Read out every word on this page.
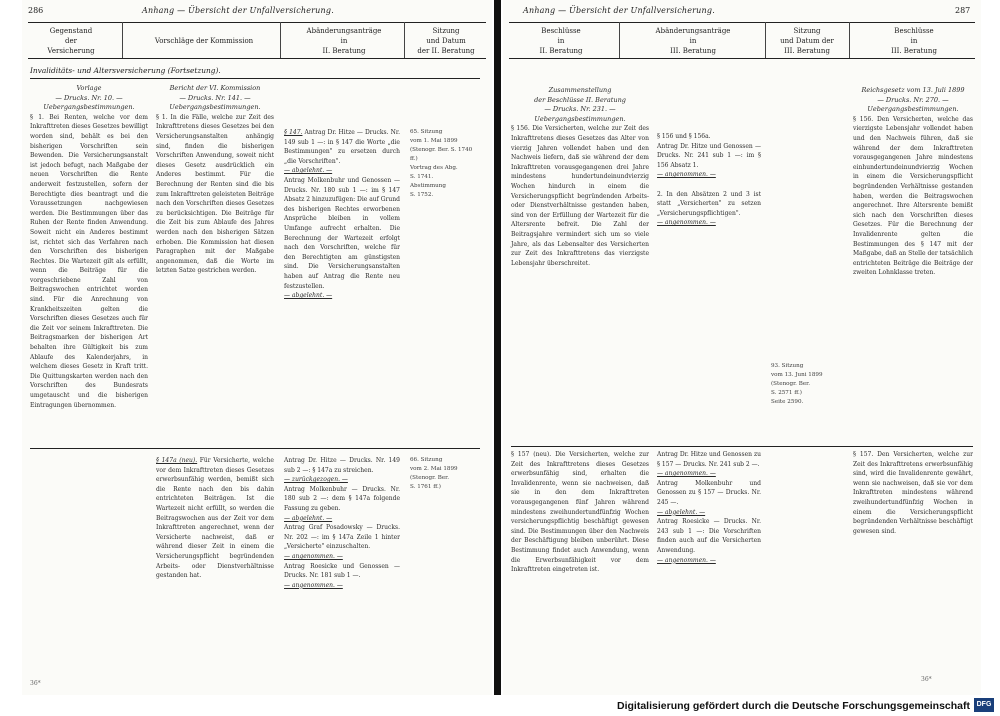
286	Anhang — Übersicht der Unfallversicherung.
Gegenstand
der
Versicherung

Vorschläge der Kommission
Abänderungsanträge
in
II. Beratung
Sitzung
und Datum
der II. Beratung
Invaliditäts- und Altersversicherung (Fortsetzung).
Vorlage
— Drucks. Nr. 10. —
Uebergangsbestimmungen.
§ 1. Bei Renten, welche vor dem Inkrafttreten dieses Gesetzes bewilligt worden sind, behält es bei den bisherigen Vorschriften sein Bewenden. Die Versicherungsanstalt ist jedoch befugt, nach Maßgabe der neuen Vorschriften die Rente anderweit festzustellen, sofern der Berechtigte dies beantragt und die Voraussetzungen nachgewiesen werden. Die Bestimmungen über das Ruhen der Rente finden Anwendung. Soweit nicht ein Anderes bestimmt ist, richtet sich das Verfahren nach den Vorschriften des bisherigen Rechtes. Die Wartezeit gilt als erfüllt, wenn die Beiträge für die vorgeschriebene Zahl von Beitragswochen entrichtet worden sind. Für die Anrechnung von Krankheitszeiten gelten die Vorschriften dieses Gesetzes auch für die Zeit vor seinem Inkrafttreten. Die Beitragsmarken der bisherigen Art behalten ihre Gültigkeit bis zum Ablaufe des Kalenderjahrs, in welchem dieses Gesetz in Kraft tritt. Die Quittungskarten werden nach den Vorschriften des Bundesrats umgetauscht und die bisherigen Eintragungen übernommen.
Bericht der VI. Kommission
— Drucks. Nr. 141. —
Uebergangsbestimmungen.
§ 1. In die Fälle, welche zur Zeit des Inkrafttretens dieses Gesetzes bei den Versicherungsanstalten anhängig sind, finden die bisherigen Vorschriften Anwendung, soweit nicht dieses Gesetz ausdrücklich ein Anderes bestimmt. Für die Berechnung der Renten sind die bis zum Inkrafttreten geleisteten Beiträge nach den Vorschriften dieses Gesetzes zu berücksichtigen. Die Beiträge für die Zeit bis zum Ablaufe des Jahres werden nach den bisherigen Sätzen erhoben. Die Kommission hat diesen Paragraphen mit der Maßgabe angenommen, daß die Worte im letzten Satze gestrichen werden.
§ 147. Antrag Dr. Hitze — Drucks. Nr. 149 sub 1 —: in § 147 die Worte „die Bestimmungen" zu ersetzen durch „die Vorschriften".
— abgelehnt. —
Antrag Molkenbuhr und Genossen — Drucks. Nr. 180 sub 1 —: im § 147 Absatz 2 hinzuzufügen: Die auf Grund des bisherigen Rechtes erworbenen Ansprüche bleiben in vollem Umfange aufrecht erhalten. Die Berechnung der Wartezeit erfolgt nach den Vorschriften, welche für den Berechtigten am günstigsten sind. Die Versicherungsanstalten haben auf Antrag die Rente neu festzustellen.
— abgelehnt. —
65. Sitzung
vom 1. Mai 1899
(Stenogr. Ber. S. 1740 ff.)
Vortrag des Abg.
S. 1741.
Abstimmung
S. 1752.
§ 147a (neu). Für Versicherte, welche vor dem Inkrafttreten dieses Gesetzes erwerbsunfähig werden, bemißt sich die Rente nach den bis dahin entrichteten Beiträgen. Ist die Wartezeit nicht erfüllt, so werden die Beitragswochen aus der Zeit vor dem Inkrafttreten angerechnet, wenn der Versicherte nachweist, daß er während dieser Zeit in einem die Versicherungspflicht begründenden Arbeits- oder Dienstverhältnisse gestanden hat.
Antrag Dr. Hitze — Drucks. Nr. 149 sub 2 —: § 147a zu streichen.
— zurückgezogen. —
Antrag Molkenbuhr — Drucks. Nr. 180 sub 2 —: dem § 147a folgende Fassung zu geben.
— abgelehnt. —
Antrag Graf Posadowsky — Drucks. Nr. 202 —: im § 147a Zeile 1 hinter „Versicherte" einzuschalten.
— angenommen. —
Antrag Roesicke und Genossen — Drucks. Nr. 181 sub 1 —.
— angenommen. —
66. Sitzung
vom 2. Mai 1899
(Stenogr. Ber.
S. 1761 ff.)
36*
Anhang — Übersicht der Unfallversicherung.	287
Beschlüsse
in
II. Beratung
Abänderungsanträge
in
III. Beratung
Sitzung
und Datum der
III. Beratung
Beschlüsse
in
III. Beratung
Zusammenstellung
der Beschlüsse II. Beratung
— Drucks. Nr. 231. —
Uebergangsbestimmungen.
§ 156. Die Versicherten, welche zur Zeit des Inkrafttretens dieses Gesetzes das Alter von vierzig Jahren vollendet haben und den Nachweis liefern, daß sie während der dem Inkrafttreten vorausgegangenen drei Jahre mindestens hundertundeinundvierzig Wochen hindurch in einem die Versicherungspflicht begründenden Arbeits- oder Dienstverhältnisse gestanden haben, sind von der Erfüllung der Wartezeit für die Altersrente befreit. Die Zahl der Beitragsjahre vermindert sich um so viele Jahre, als das Lebensalter des Versicherten zur Zeit des Inkrafttretens das vierzigste Lebensjahr überschreitet.
§ 156 und § 156a.
Antrag Dr. Hitze und Genossen — Drucks. Nr. 241 sub 1 —: im § 156 Absatz 1.
— angenommen. —

2. In den Absätzen 2 und 3 ist statt „Versicherten" zu setzen „Versicherungspflichtigen".
— angenommen. —
Reichsgesetz vom 13. Juli 1899
— Drucks. Nr. 270. —
Uebergangsbestimmungen.
§ 156. Den Versicherten, welche das vierzigste Lebensjahr vollendet haben und den Nachweis führen, daß sie während der dem Inkrafttreten vorausgegangenen Jahre mindestens einhundertundeinundvierzig Wochen in einem die Versicherungspflicht begründenden Verhältnisse gestanden haben, werden die Beitragswochen angerechnet. Ihre Altersrente bemißt sich nach den Vorschriften dieses Gesetzes. Für die Berechnung der Invalidenrente gelten die Bestimmungen des § 147 mit der Maßgabe, daß an Stelle der tatsächlich entrichteten Beiträge die Beiträge der zweiten Lohnklasse treten.
93. Sitzung
vom 13. Juni 1899
(Stenogr. Ber.
S. 2571 ff.)
Seite 2590.
Antrag Dr. Hitze und Genossen zu § 157 — Drucks. Nr. 241 sub 2 —.
— angenommen. —
Antrag Molkenbuhr und Genossen zu § 157 — Drucks. Nr. 245 —.
— abgelehnt. —
Antrag Roesicke — Drucks. Nr. 243 sub 1 —: Die Vorschriften finden auch auf die Versicherten Anwendung.
— angenommen. —
§ 157 (neu). Die Versicherten, welche zur Zeit des Inkrafttretens dieses Gesetzes erwerbsunfähig sind, erhalten die Invalidenrente, wenn sie nachweisen, daß sie in den dem Inkrafttreten vorausgegangenen fünf Jahren während mindestens zweihundertundfünfzig Wochen versicherungspflichtig beschäftigt gewesen sind. Die Bestimmungen über den Nachweis der Beschäftigung bleiben unberührt. Diese Bestimmung findet auch Anwendung, wenn die Erwerbsunfähigkeit vor dem Inkrafttreten eingetreten ist.
§ 157. Den Versicherten, welche zur Zeit des Inkrafttretens erwerbsunfähig sind, wird die Invalidenrente gewährt, wenn sie nachweisen, daß sie vor dem Inkrafttreten mindestens während zweihundertundfünfzig Wochen in einem die Versicherungspflicht begründenden Verhältnisse beschäftigt gewesen sind.
36*
Digitalisierung gefördert durch die Deutsche Forschungsgemeinschaft DFG
